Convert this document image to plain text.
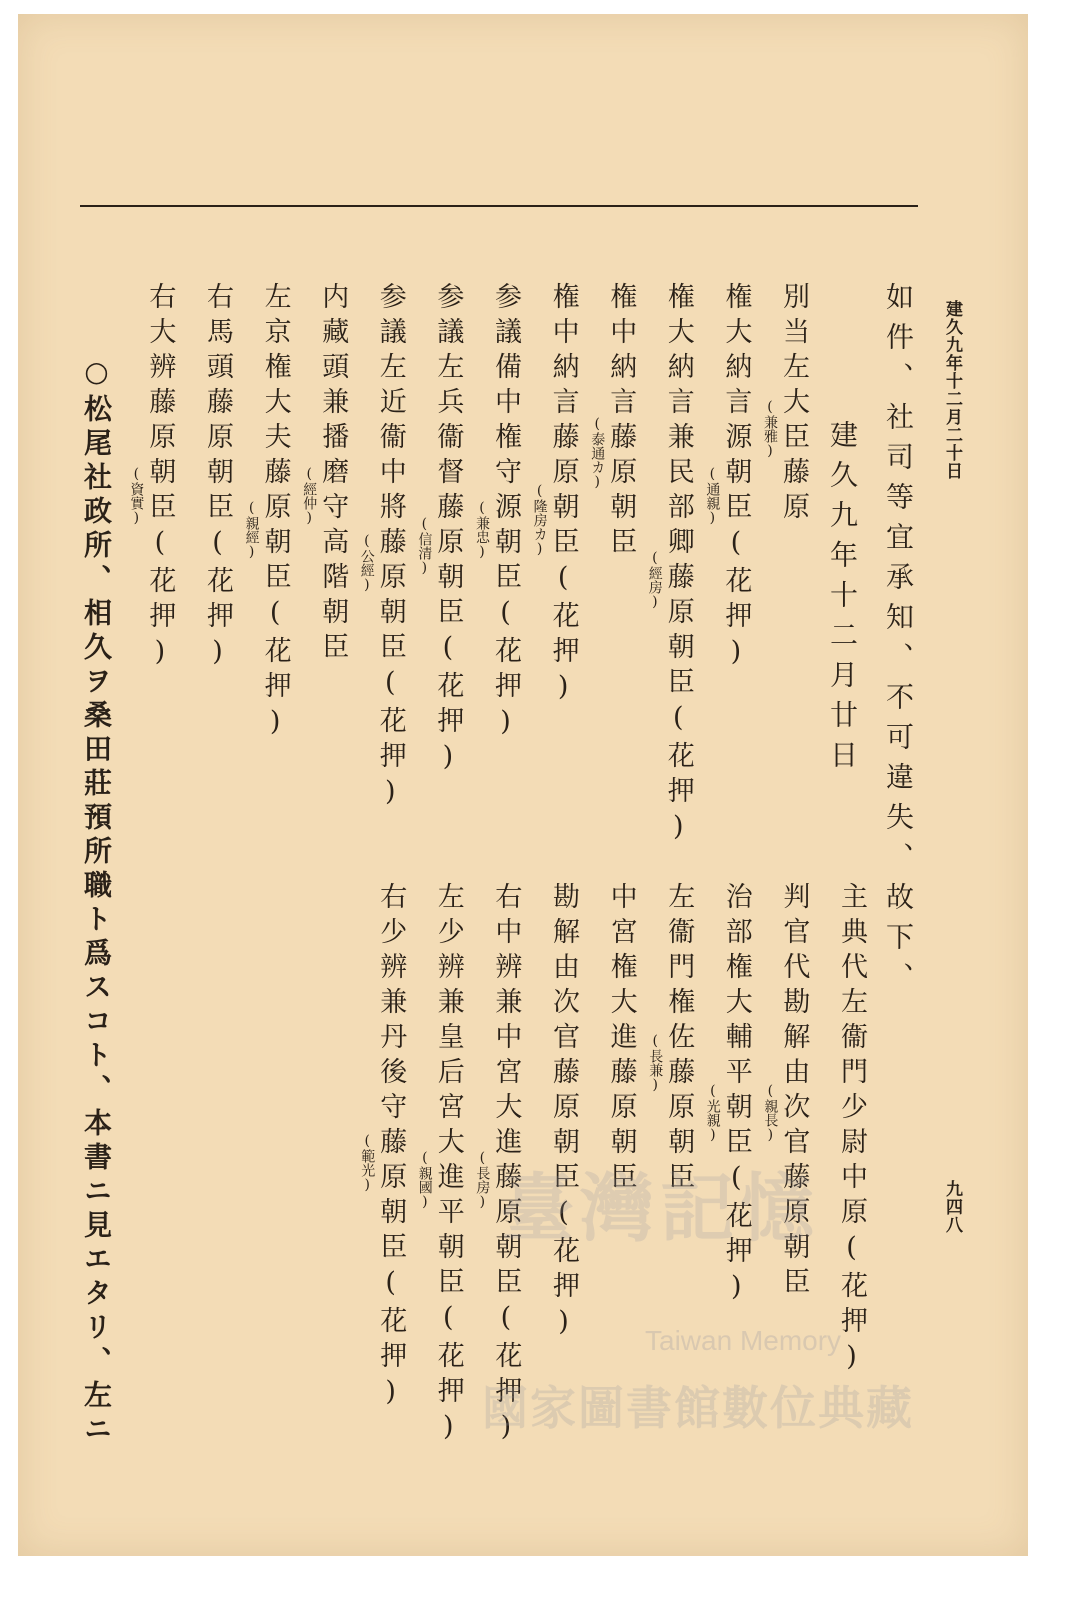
建久九年十二月二十日
九四八
如件、社司等宜承知、不可違失、故下、
建久九年十二月廿日
別当左大臣藤原
(兼雅)
権大納言源朝臣(花押)
(通親)
権大納言兼民部卿藤原朝臣(花押)
(經房)
権中納言藤原朝臣
(泰通カ)
権中納言藤原朝臣(花押)
(隆房カ)
参議備中権守源朝臣(花押)
(兼忠)
参議左兵衞督藤原朝臣(花押)
(信清)
参議左近衞中將藤原朝臣(花押)
(公經)
内藏頭兼播磨守高階朝臣
(經仲)
左京権大夫藤原朝臣(花押)
(親經)
右馬頭藤原朝臣(花押)
右大辨藤原朝臣(花押)
(資實)
主典代左衞門少尉中原(花押)
判官代勘解由次官藤原朝臣
(親長)
治部権大輔平朝臣(花押)
(光親)
左衞門権佐藤原朝臣
(長兼)
中宮権大進藤原朝臣
勘解由次官藤原朝臣(花押)
右中辨兼中宮大進藤原朝臣(花押)
(長房)
左少辨兼皇后宮大進平朝臣(花押)
(親國)
右少辨兼丹後守藤原朝臣(花押)
(範光)
○松尾社政所、相久ヲ桑田莊預所職ト爲スコト、本書ニ見エタリ、左ニ	臺灣記憶
Taiwan Memory
國家圖書館數位典藏
